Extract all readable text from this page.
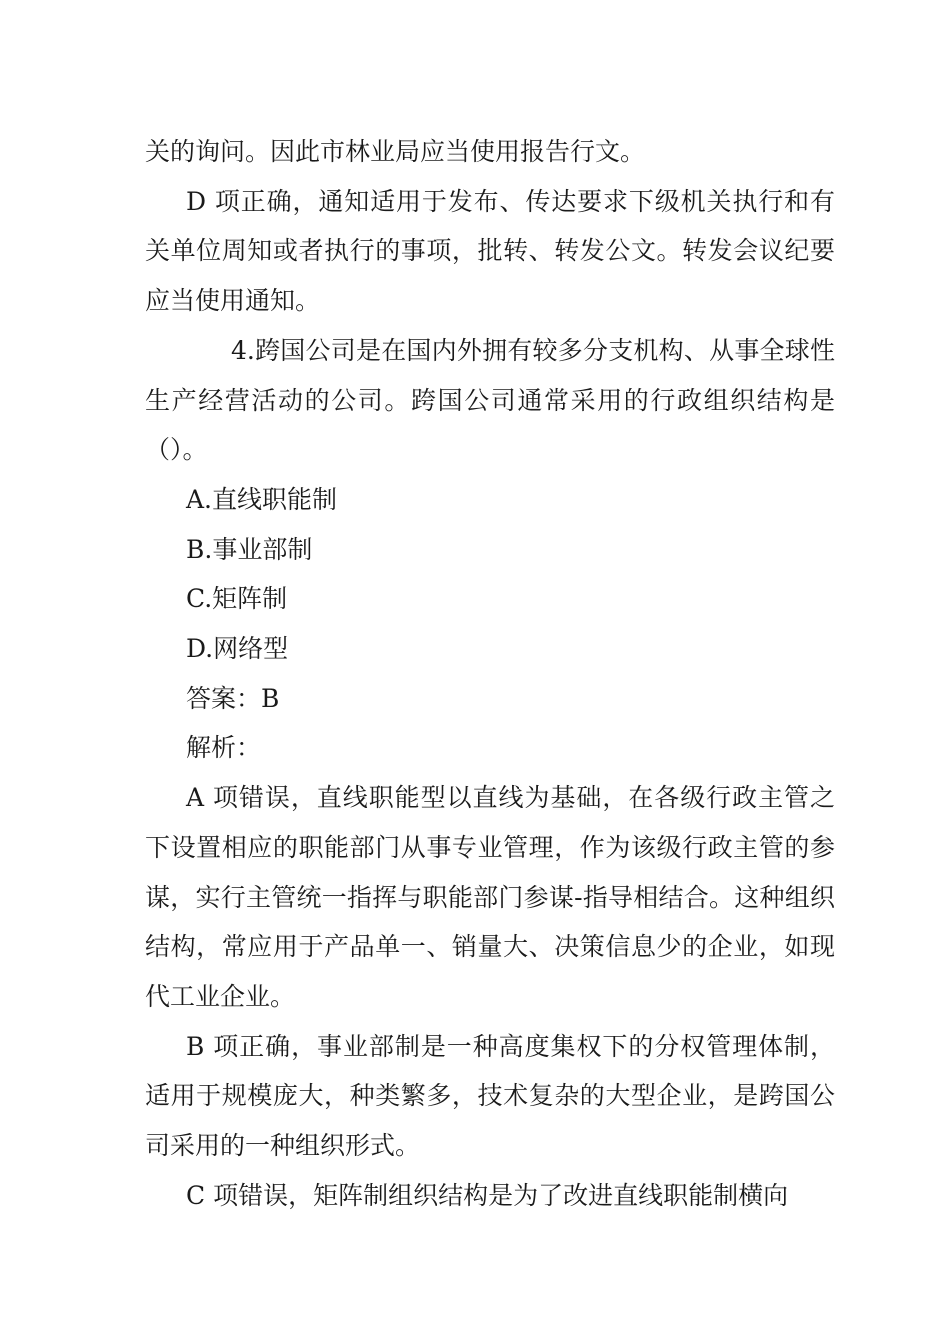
关的询问。因此市林业局应当使用报告行文。

D 项正确，通知适用于发布、传达要求下级机关执行和有关单位周知或者执行的事项，批转、转发公文。转发会议纪要应当使用通知。

4.跨国公司是在国内外拥有较多分支机构、从事全球性生产经营活动的公司。跨国公司通常采用的行政组织结构是（）。

A.直线职能制

B.事业部制

C.矩阵制

D.网络型

答案：B

解析：

A 项错误，直线职能型以直线为基础，在各级行政主管之下设置相应的职能部门从事专业管理，作为该级行政主管的参谋，实行主管统一指挥与职能部门参谋-指导相结合。这种组织结构，常应用于产品单一、销量大、决策信息少的企业，如现代工业企业。

B 项正确，事业部制是一种高度集权下的分权管理体制，适用于规模庞大，种类繁多，技术复杂的大型企业，是跨国公司采用的一种组织形式。

C 项错误，矩阵制组织结构是为了改进直线职能制横向
